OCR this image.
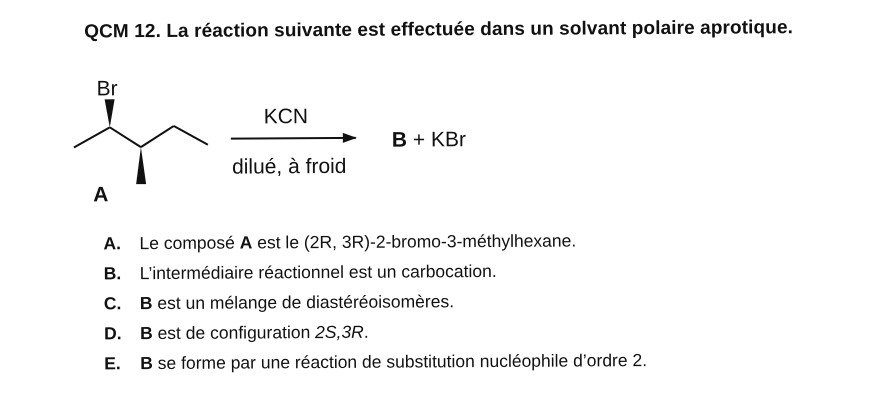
QCM 12. La réaction suivante est effectuée dans un solvant polaire aprotique.
Br
A
KCN
dilué, à froid
B + KBr
A.	Le composé A est le (2R, 3R)-2-bromo-3-méthylhexane.
B.	L’intermédiaire réactionnel est un carbocation.
C.	B est un mélange de diastéréoisomères.
D.	B est de configuration 2S,3R.
E.	B se forme par une réaction de substitution nucléophile d’ordre 2.
